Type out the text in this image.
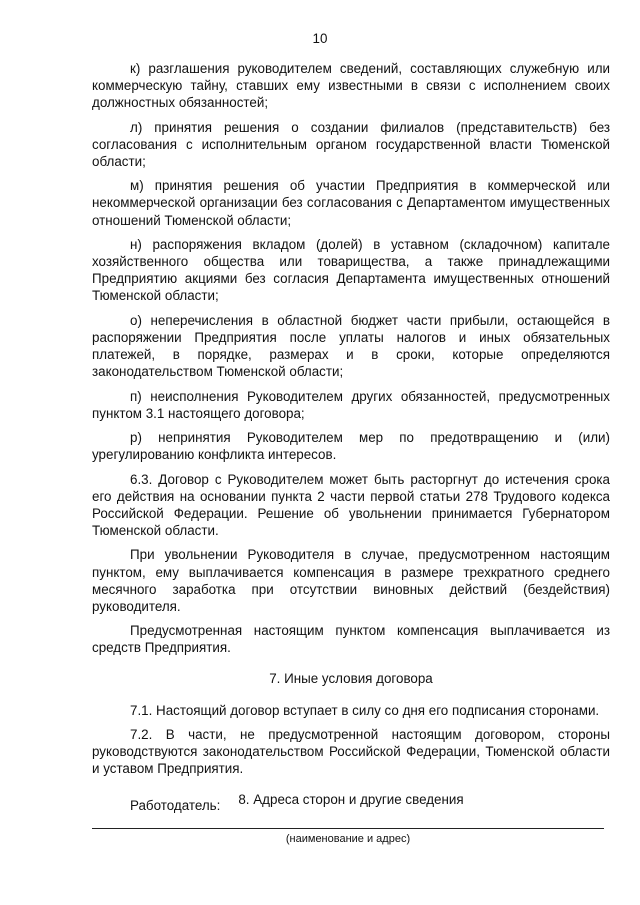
10

к) разглашения руководителем сведений, составляющих служебную или коммерческую тайну, ставших ему известными в связи с исполнением своих должностных обязанностей;

л) принятия решения о создании филиалов (представительств) без согласования с исполнительным органом государственной власти Тюменской области;

м) принятия решения об участии Предприятия в коммерческой или некоммерческой организации без согласования с Департаментом имущественных отношений Тюменской области;

н) распоряжения вкладом (долей) в уставном (складочном) капитале хозяйственного общества или товарищества, а также принадлежащими Предприятию акциями без согласия Департамента имущественных отношений Тюменской области;

о) неперечисления в областной бюджет части прибыли, остающейся в распоряжении Предприятия после уплаты налогов и иных обязательных платежей, в порядке, размерах и в сроки, которые определяются законодательством Тюменской области;

п) неисполнения Руководителем других обязанностей, предусмотренных пунктом 3.1 настоящего договора;

р) непринятия Руководителем мер по предотвращению и (или) урегулированию конфликта интересов.

6.3. Договор с Руководителем может быть расторгнут до истечения срока его действия на основании пункта 2 части первой статьи 278 Трудового кодекса Российской Федерации. Решение об увольнении принимается Губернатором Тюменской области.

При увольнении Руководителя в случае, предусмотренном настоящим пунктом, ему выплачивается компенсация в размере трехкратного среднего месячного заработка при отсутствии виновных действий (бездействия) руководителя.

Предусмотренная настоящим пунктом компенсация выплачивается из средств Предприятия.

7. Иные условия договора

7.1. Настоящий договор вступает в силу со дня его подписания сторонами.

7.2. В части, не предусмотренной настоящим договором, стороны руководствуются законодательством Российской Федерации, Тюменской области и уставом Предприятия.

8. Адреса сторон и другие сведения
Работодатель:
(наименование и адрес)
